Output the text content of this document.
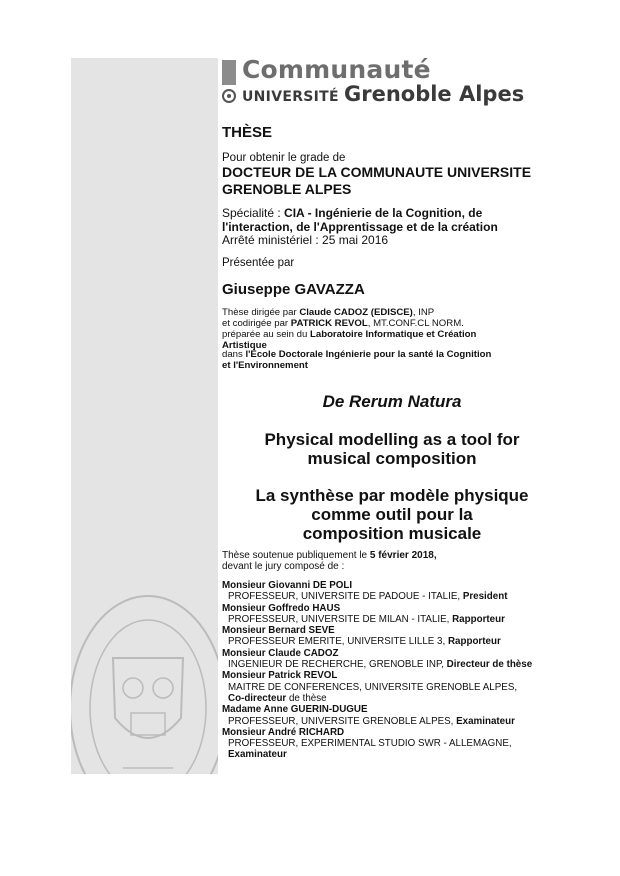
1339
Communauté
UNIVERSITÉ Grenoble Alpes
THÈSE
Pour obtenir le grade de
DOCTEUR DE LA COMMUNAUTE UNIVERSITE
GRENOBLE ALPES
Spécialité : CIA - Ingénierie de la Cognition, de
l'interaction, de l'Apprentissage et de la création
Arrêté ministériel : 25 mai 2016
Présentée par
Giuseppe GAVAZZA
Thèse dirigée par Claude CADOZ (EDISCE), INP
et codirigée par PATRICK REVOL, MT.CONF.CL NORM.
préparée au sein du Laboratoire Informatique et Création
Artistique
dans l'École Doctorale Ingénierie pour la santé la Cognition
et l'Environnement
De Rerum Natura
Physical modelling as a tool for
musical composition
La synthèse par modèle physique
comme outil pour la
composition musicale
Thèse soutenue publiquement le 5 février 2018,
devant le jury composé de :
Monsieur Giovanni DE POLI
PROFESSEUR, UNIVERSITE DE PADOUE - ITALIE, President
Monsieur Goffredo HAUS
PROFESSEUR, UNIVERSITE DE MILAN - ITALIE, Rapporteur
Monsieur Bernard SEVE
PROFESSEUR EMERITE, UNIVERSITE LILLE 3, Rapporteur
Monsieur Claude CADOZ
INGENIEUR DE RECHERCHE, GRENOBLE INP, Directeur de thèse
Monsieur Patrick REVOL
MAITRE DE CONFERENCES, UNIVERSITE GRENOBLE ALPES,
Co-directeur de thèse
Madame Anne GUERIN-DUGUE
PROFESSEUR, UNIVERSITE GRENOBLE ALPES, Examinateur
Monsieur André RICHARD
PROFESSEUR, EXPERIMENTAL STUDIO SWR - ALLEMAGNE,
Examinateur
